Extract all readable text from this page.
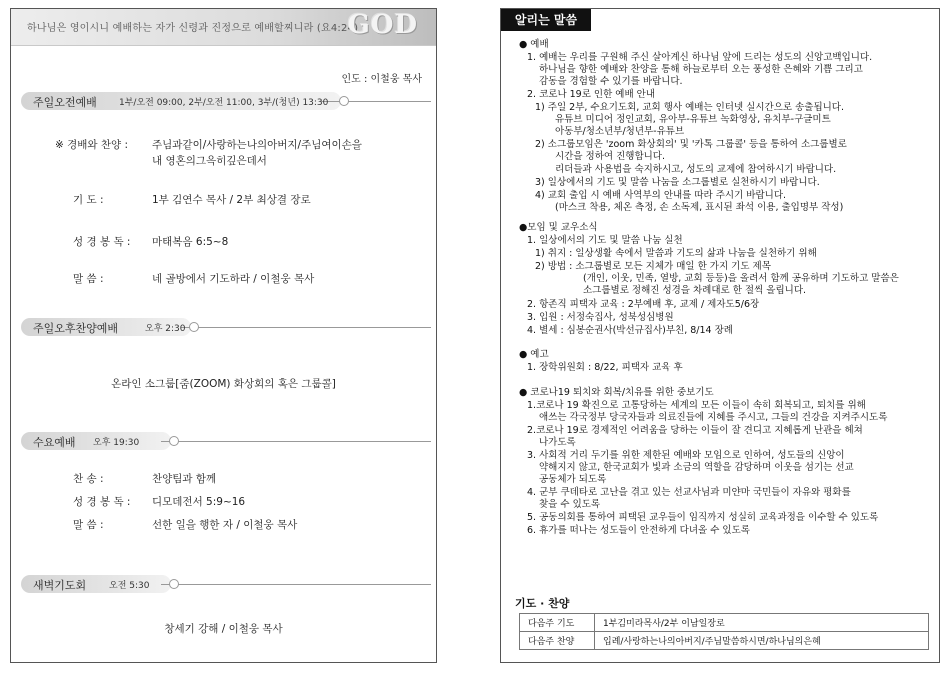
하나님은 영이시니 예배하는 자가 신령과 진정으로 예배할찌니라 (요4:24)
GOD
인도 : 이철웅 목사
주일오전예배 1부/오전 09:00, 2부/오전 11:00, 3부/(청년) 13:30
※ 경배와 찬양 : 주님과같이/사랑하는나의아버지/주님여이손을
내 영혼의그윽히깊은데서
기 도 :	1부 김연수 목사 / 2부 최상결 장로
성 경 봉 독 : 마태복음 6:5~8
말 씀 :	네 골방에서 기도하라 / 이철웅 목사
주일오후찬양예배	오후 2:30
온라인 소그룹[줌(ZOOM) 화상회의 혹은 그룹콜]
수요예배 오후 19:30
찬 송 :	찬양팀과 함께
성 경 봉 독 : 디모데전서 5:9~16
말 씀 :	선한 일을 행한 자 / 이철웅 목사
새벽기도회	오전 5:30
창세기 강해 / 이철웅 목사
알리는 말씀
● 예배
1. 예배는 우리를 구원해 주신 살아계신 하나님 앞에 드리는 성도의 신앙고백입니다.
하나님을 향한 예배와 찬양을 통해 하늘로부터 오는 풍성한 은혜와 기쁨 그리고
감동을 경험할 수 있기를 바랍니다.
2. 코로나 19로 인한 예배 안내
1) 주일 2부, 수요기도회, 교회 행사 예배는 인터넷 실시간으로 송출됩니다.
유튜브 미디어 정인교회, 유아부-유튜브 녹화영상, 유치부-구글미트
아동부/청소년부/청년부-유튜브
2) 소그룹모임은 'zoom 화상회의' 및 '카톡 그룹콜' 등을 통하여 소그룹별로
시간을 정하여 진행합니다.
리더들과 사용법을 숙지하시고, 성도의 교제에 참여하시기 바랍니다.
3) 일상에서의 기도 및 말씀 나눔을 소그룹별로 실천하시기 바랍니다.
4) 교회 출입 시 예배 사역부의 안내를 따라 주시기 바랍니다.
(마스크 착용, 체온 측정, 손 소독제, 표시된 좌석 이용, 출입명부 작성)
●모임 및 교우소식
1. 일상에서의 기도 및 말씀 나눔 실천
1) 취지 : 일상생활 속에서 말씀과 기도의 삶과 나눔을 실천하기 위해
2) 방법 : 소그룹별로 모든 지체가 매일 한 가지 기도 제목
(개인, 이웃, 민족, 열방, 교회 등등)을 올려서 함께 공유하며 기도하고 말씀은
소그룹별로 정해진 성경을 차례대로 한 절씩 올립니다.
2. 항존직 피택자 교육 : 2부예배 후, 교제 / 제자도5/6장
3. 입원 : 서정숙집사, 성북성심병원
4. 별세 : 심봉순권사(박선규집사)부친, 8/14 장례
● 예고
1. 장학위원회 : 8/22, 피택자 교육 후
● 코로나19 퇴치와 회복/치유를 위한 중보기도
1.코로나 19 확진으로 고통당하는 세계의 모든 이들이 속히 회복되고, 퇴치를 위해
애쓰는 각국정부 당국자들과 의료진들에 지혜를 주시고, 그들의 건강을 지켜주시도록
2.코로나 19로 경제적인 어려움을 당하는 이들이 잘 견디고 지혜롭게 난관을 헤쳐
나가도록
3. 사회적 거리 두기를 위한 제한된 예배와 모임으로 인하여, 성도들의 신앙이
약해지지 않고, 한국교회가 빛과 소금의 역할을 감당하며 이웃을 섬기는 선교
공동체가 되도록
4. 군부 쿠데타로 고난을 겪고 있는 선교사님과 미얀마 국민들이 자유와 평화를
찾을 수 있도록
5. 공동의회를 통하여 피택된 교우들이 임직까지 성실히 교육과정을 이수할 수 있도록
6. 휴가를 떠나는 성도들이 안전하게 다녀올 수 있도록
기도 · 찬양
다음주 기도	1부김미라목사/2부 이남일장로
다음주 찬양	입례/사랑하는나의아버지/주님말씀하시면/하나님의은혜
